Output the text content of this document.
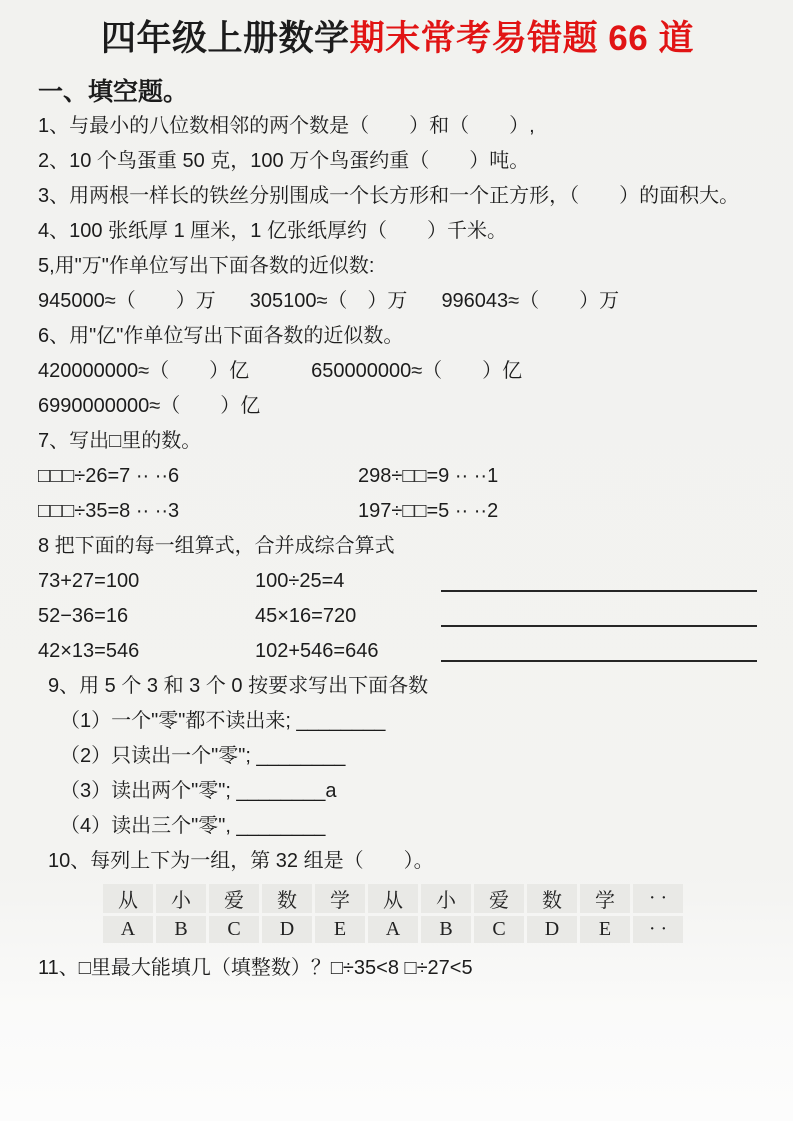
四年级上册数学期末常考易错题 66 道
一、填空题。

1、与最小的八位数相邻的两个数是（　　）和（　　）,

2、10 个鸟蛋重 50 克，100 万个鸟蛋约重（　　）吨。

3、用两根一样长的铁丝分别围成一个长方形和一个正方形，（　　）的面积大。

4、100 张纸厚 1 厘米，1 亿张纸厚约（　　）千米。

5,用"万"作单位写出下面各数的近似数:

945000≈（　　）万 305100≈（　）万 996043≈（　　）万

6、用"亿"作单位写出下面各数的近似数。

420000000≈（　　）亿	650000000≈（　　）亿

6990000000≈（　　）亿

7、写出□里的数。

□□□÷26=7 ·· ··6	298÷□□=9 ·· ··1
□□□÷35=8 ·· ··3	197÷□□=5 ·· ··2

8 把下面的每一组算式，合并成综合算式

73+27=100	100÷25=4
52−36=16	45×16=720
42×13=546	102+546=646

9、用 5 个 3 和 3 个 0 按要求写出下面各数

（1）一个"零"都不读出来; ________

（2）只读出一个"零"; ________

（3）读出两个"零"; ________a

（4）读出三个"零", ________

10、每列上下为一组，第 32 组是（　　）。

从	小	爱	数	学	从	小	爱	数	学	· ·
A	B	C	D	E	A	B	C	D	E	· ·

11、□里最大能填几（填整数）？□÷35<8 □÷27<5
